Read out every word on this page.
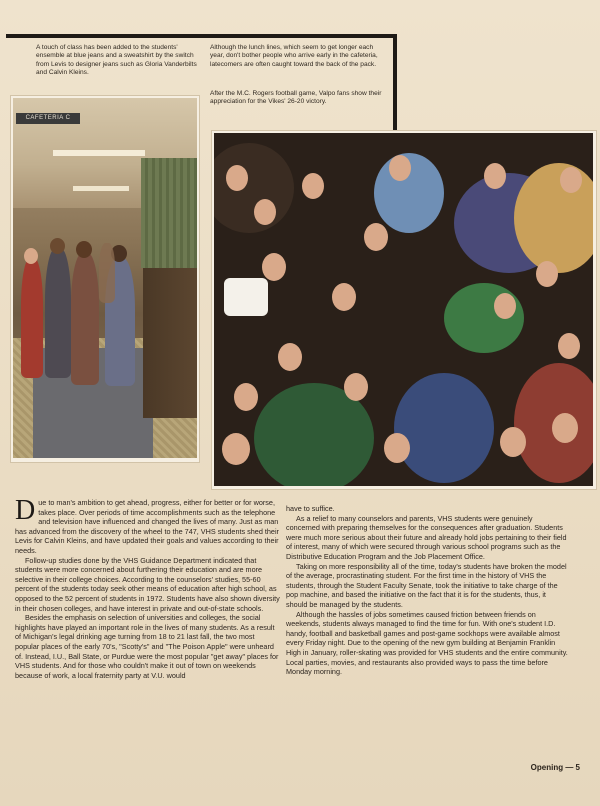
A touch of class has been added to the students' ensemble at blue jeans and a sweatshirt by the switch from Levis to designer jeans such as Gloria Vanderbilts and Calvin Kleins.
Although the lunch lines, which seem to get longer each year, don't bother people who arrive early in the cafeteria, latecomers are often caught toward the back of the pack.
After the M.C. Rogers football game, Valpo fans show their appreciation for the Vikes' 26-20 victory.
CAFETERIA C

Due to man's ambition to get ahead, progress, either for better or for worse, takes place. Over periods of time accomplishments such as the telephone and television have influenced and changed the lives of many. Just as man has advanced from the discovery of the wheel to the 747, VHS students shed their Levis for Calvin Kleins, and have updated their goals and values according to their needs.

Follow-up studies done by the VHS Guidance Department indicated that students were more concerned about furthering their education and are more selective in their college choices. According to the counselors' studies, 55-60 percent of the students today seek other means of education after high school, as opposed to the 52 percent of students in 1972. Students have also shown diversity in their chosen colleges, and have interest in private and out-of-state schools.

Besides the emphasis on selection of universities and colleges, the social highlights have played an important role in the lives of many students. As a result of Michigan's legal drinking age turning from 18 to 21 last fall, the two most popular places of the early 70's, "Scotty's" and "The Poison Apple" were unheard of. Instead, I.U., Ball State, or Purdue were the most popular "get away" places for VHS students. And for those who couldn't make it out of town on weekends because of work, a local fraternity party at V.U. would

have to suffice.

As a relief to many counselors and parents, VHS students were genuinely concerned with preparing themselves for the consequences after graduation. Students were much more serious about their future and already hold jobs pertaining to their field of interest, many of which were secured through various school programs such as the Distributive Education Program and the Job Placement Office.

Taking on more responsibility all of the time, today's students have broken the model of the average, procrastinating student. For the first time in the history of VHS the students, through the Student Faculty Senate, took the initiative to take charge of the pop machine, and based the initiative on the fact that it is for the students, thus, it should be managed by the students.

Although the hassles of jobs sometimes caused friction between friends on weekends, students always managed to find the time for fun. With one's student I.D. handy, football and basketball games and post-game sockhops were available almost every Friday night. Due to the opening of the new gym building at Benjamin Franklin High in January, roller-skating was provided for VHS students and the entire community. Local parties, movies, and restaurants also provided ways to pass the time before Monday morning.

Opening — 5
